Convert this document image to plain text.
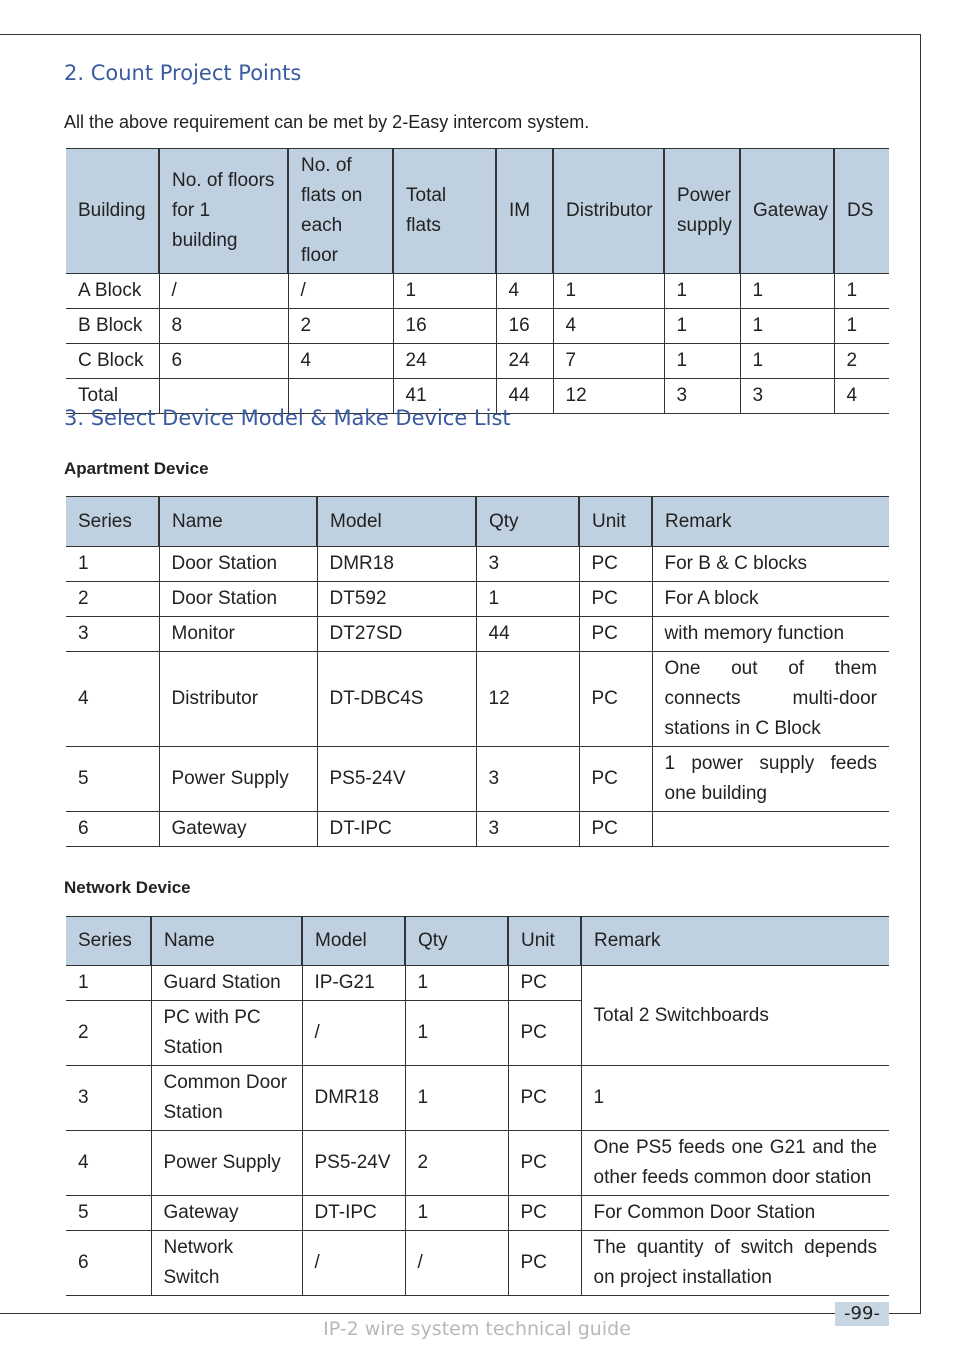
2. Count Project Points
All the above requirement can be met by 2-Easy intercom system.
Building	No. of floors for 1 building	No. of flats on each floor	Total flats	IM	Distributor	Power supply	Gateway	DS
A Block	/	/	1	4	1	1	1	1
B Block	8	2	16	16	4	1	1	1
C Block	6	4	24	24	7	1	1	2
Total			41	44	12	3	3	4
3. Select Device Model & Make Device List
Apartment Device
Series	Name	Model	Qty	Unit	Remark
1	Door Station	DMR18	3	PC	For B & C blocks
2	Door Station	DT592	1	PC	For A block
3	Monitor	DT27SD	44	PC	with memory function
4	Distributor	DT-DBC4S	12	PC	One out of them connects multi-door stations in C Block
5	Power Supply	PS5-24V	3	PC	1 power supply feeds one building
6	Gateway	DT-IPC	3	PC	
Network Device
Series	Name	Model	Qty	Unit	Remark
1	Guard Station	IP-G21	1	PC	Total 2 Switchboards
2	PC with PC Station	/	1	PC	
3	Common Door Station	DMR18	1	PC	1
4	Power Supply	PS5-24V	2	PC	One PS5 feeds one G21 and the other feeds common door station
5	Gateway	DT-IPC	1	PC	For Common Door Station
6	Network Switch	/	/	PC	The quantity of switch depends on project installation
-99-
IP-2 wire system technical guide
